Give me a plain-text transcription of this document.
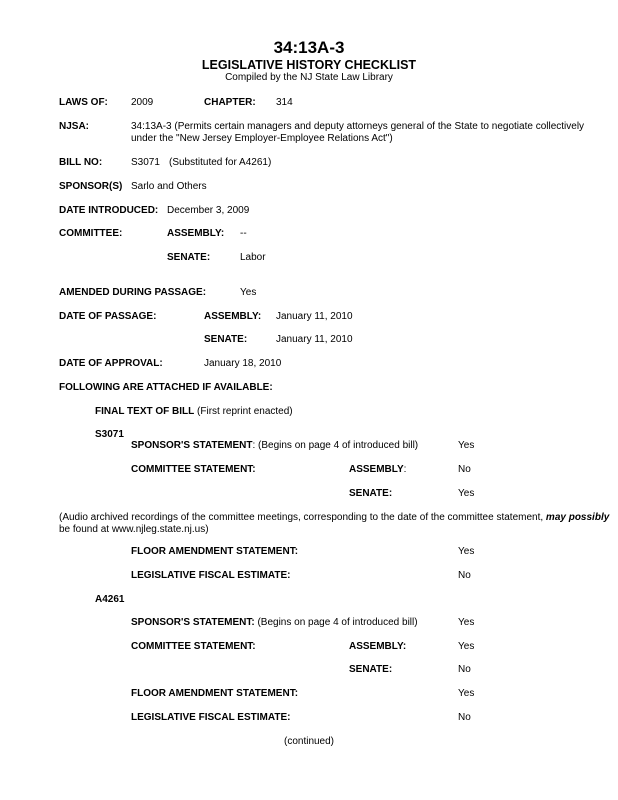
34:13A-3
LEGISLATIVE HISTORY CHECKLIST
Compiled by the NJ State Law Library
LAWS OF: 2009	CHAPTER: 314
NJSA:	34:13A-3 (Permits certain managers and deputy attorneys general of the State to negotiate collectively
under the "New Jersey Employer-Employee Relations Act")
BILL NO:	S3071 (Substituted for A4261)
SPONSOR(S) Sarlo and Others
DATE INTRODUCED: December 3, 2009
COMMITTEE:	ASSEMBLY: --
SENATE:	Labor
AMENDED DURING PASSAGE:	Yes
DATE OF PASSAGE:	ASSEMBLY: January 11, 2010
SENATE:	January 11, 2010
DATE OF APPROVAL:	January 18, 2010
FOLLOWING ARE ATTACHED IF AVAILABLE:
FINAL TEXT OF BILL (First reprint enacted)
S3071
SPONSOR'S STATEMENT: (Begins on page 4 of introduced bill)	Yes
COMMITTEE STATEMENT:	ASSEMBLY:	No
SENATE:	Yes
(Audio archived recordings of the committee meetings, corresponding to the date of the committee statement, may possibly
be found at www.njleg.state.nj.us)
FLOOR AMENDMENT STATEMENT:	Yes
LEGISLATIVE FISCAL ESTIMATE:	No
A4261
SPONSOR'S STATEMENT: (Begins on page 4 of introduced bill)	Yes
COMMITTEE STATEMENT:	ASSEMBLY:	Yes
SENATE:	No
FLOOR AMENDMENT STATEMENT:	Yes
LEGISLATIVE FISCAL ESTIMATE:	No
(continued)
